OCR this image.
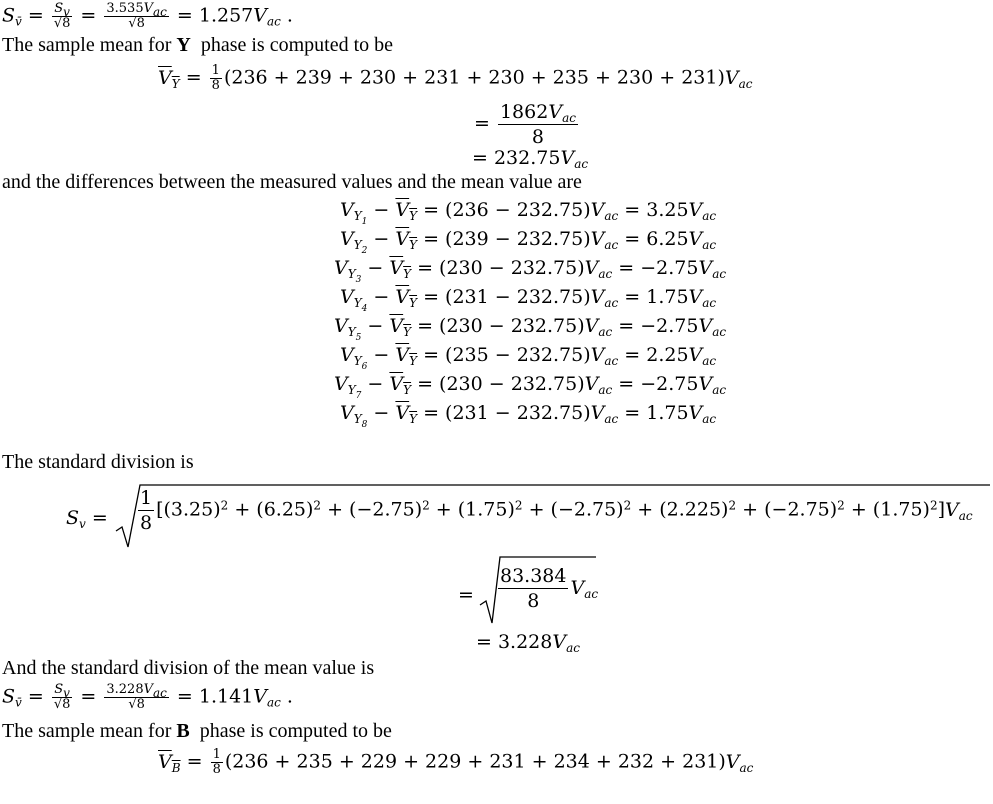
$S_{v̄} = \frac{S_v}{√8} = \frac{3.535V_{ac}}{√8} = 1.257V_{ac}$ .
The sample mean for Y  phase is computed to be
$V_Y = \frac{1}{8} (236 + 239 + 230 + 231 + 230 + 235 + 230 + 231)V_{ac}$
= $\frac{1862V_{ac}}{8}$
= $232.75V_{ac}$
and the differences between the measured values and the mean value are
$V_{Y_1} - V_Y = (236 - 232.75)V_{ac} = 3.25V_{ac}$
$V_{Y_2} - V_Y = (239 - 232.75)V_{ac} = 6.25V_{ac}$
$V_{Y_3} - V_Y = (230 - 232.75)V_{ac} = -2.75V_{ac}$
$V_{Y_4} - V_Y = (231 - 232.75)V_{ac} = 1.75V_{ac}$
$V_{Y_5} - V_Y = (230 - 232.75)V_{ac} = -2.75V_{ac}$
$V_{Y_6} - V_Y = (235 - 232.75)V_{ac} = 2.25V_{ac}$
$V_{Y_7} - V_Y = (230 - 232.75)V_{ac} = -2.75V_{ac}$
$V_{Y_8} - V_Y = (231 - 232.75)V_{ac} = 1.75V_{ac}$
The standard division is
$S_v = \frac{1}{8} [(3.25)^2 + (6.25)^2 + (-2.75)^2 + (1.75)^2 + (-2.75)^2 + (2.225)^2 + (-2.75)^2 + (1.75)^2]V_{ac}$
= $\frac{83.384}{8} V_{ac}$
= $3.228V_{ac}$
And the standard division of the mean value is
$S_{v̄} = \frac{S_v}{√8} = \frac{3.228V_{ac}}{√8} = 1.141V_{ac}$ .
The sample mean for B  phase is computed to be
$V_B = \frac{1}{8} (236 + 235 + 229 + 229 + 231 + 234 + 232 + 231)V_{ac}$
